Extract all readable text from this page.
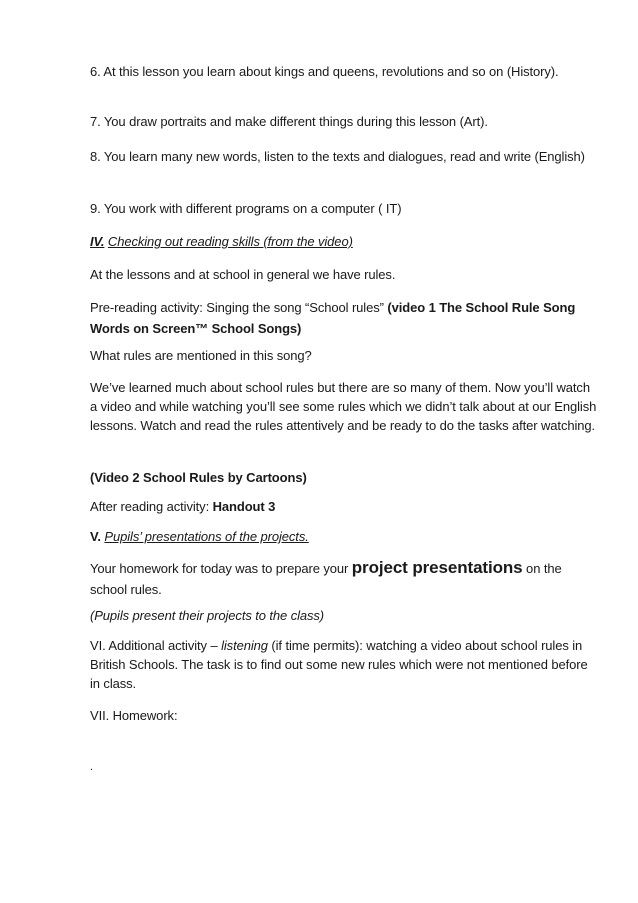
6. At this lesson you learn about kings and queens, revolutions and so on (History).

7. You draw portraits and make different things during this lesson (Art).

8. You learn many new words, listen to the texts and dialogues, read and write (English)

9. You work with different programs on a computer ( IT)

IV. Checking out reading skills (from the video)

At the lessons and at school in general we have rules.

Pre-reading activity: Singing the song “School rules” (video 1 The School Rule Song Words on Screen™ School Songs)

What rules are mentioned in this song?

We’ve learned much about school rules but there are so many of them. Now you’ll watch a video and while watching you’ll see some rules which we didn’t talk about at our English lessons. Watch and read the rules attentively and be ready to do the tasks after watching.

(Video 2 School Rules by Cartoons)

After reading activity: Handout 3

V. Pupils’ presentations of the projects.

Your homework for today was to prepare your project presentations on the school rules.

(Pupils present their projects to the class)

VI. Additional activity – listening (if time permits): watching a video about school rules in British Schools. The task is to find out some new rules which were not mentioned before in class.

VII. Homework:

.
